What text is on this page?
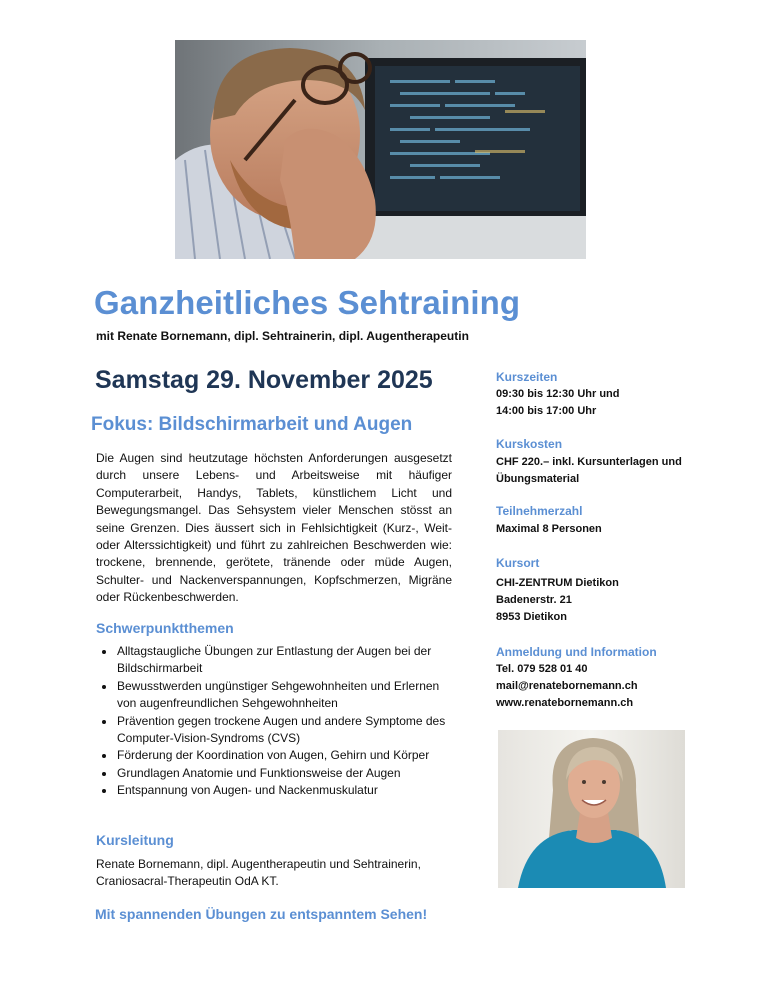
Ganzheitliches Sehtraining
mit Renate Bornemann, dipl. Sehtrainerin, dipl. Augentherapeutin
Samstag 29. November 2025
Fokus: Bildschirmarbeit und Augen
Die Augen sind heutzutage höchsten Anforderungen ausgesetzt durch unsere Lebens- und Arbeitsweise mit häufiger Computerarbeit, Handys, Tablets, künstlichem Licht und Bewegungsmangel. Das Sehsystem vieler Menschen stösst an seine Grenzen. Dies äussert sich in Fehlsichtigkeit (Kurz-, Weit- oder Alterssichtigkeit) und führt zu zahlreichen Beschwerden wie: trockene, brennende, gerötete, tränende oder müde Augen, Schulter- und Nackenverspannungen, Kopfschmerzen, Migräne oder Rückenbeschwerden.
Schwerpunktthemen
Alltagstaugliche Übungen zur Entlastung der Augen bei der Bildschirmarbeit
Bewusstwerden ungünstiger Sehgewohnheiten und Erlernen von augenfreundlichen Sehgewohnheiten
Prävention gegen trockene Augen und andere Symptome des Computer-Vision-Syndroms (CVS)
Förderung der Koordination von Augen, Gehirn und Körper
Grundlagen Anatomie und Funktionsweise der Augen
Entspannung von Augen- und Nackenmuskulatur
Kursleitung
Renate Bornemann, dipl. Augentherapeutin und Sehtrainerin,
Craniosacral-Therapeutin OdA KT.
Mit spannenden Übungen zu entspanntem Sehen!
Kurszeiten
09:30 bis 12:30 Uhr und
14:00 bis 17:00 Uhr
Kurskosten
CHF 220.– inkl. Kursunterlagen und
Übungsmaterial
Teilnehmerzahl
Maximal 8 Personen
Kursort
CHI-ZENTRUM Dietikon
Badenerstr. 21
8953 Dietikon
Anmeldung und Information
Tel. 079 528 01 40
mail@renatebornemann.ch
www.renatebornemann.ch
